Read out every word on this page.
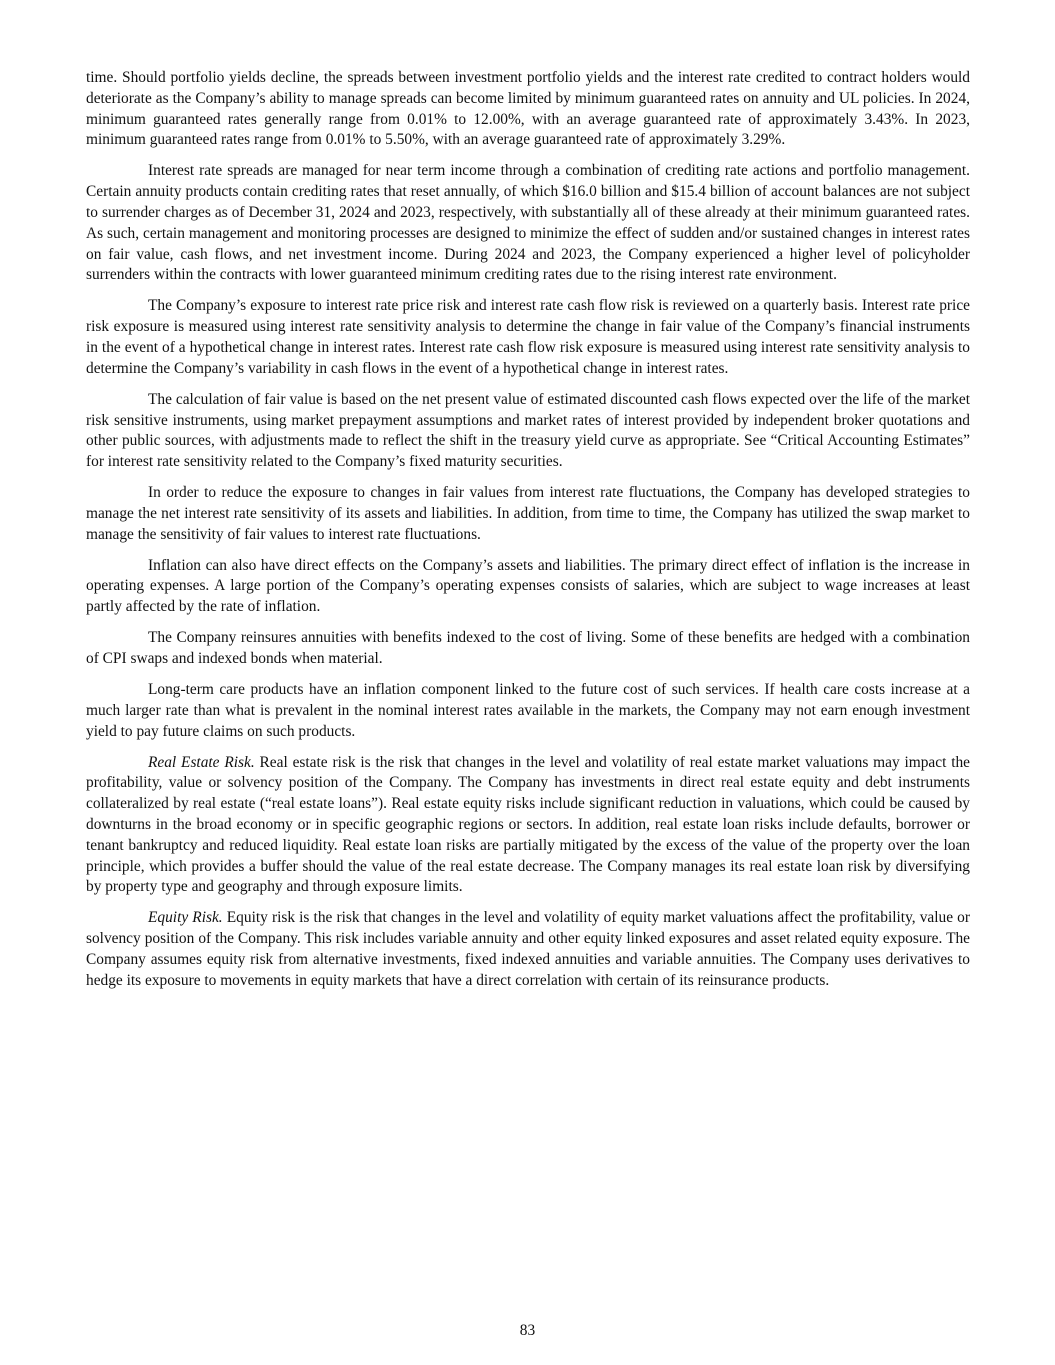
time. Should portfolio yields decline, the spreads between investment portfolio yields and the interest rate credited to contract holders would deteriorate as the Company’s ability to manage spreads can become limited by minimum guaranteed rates on annuity and UL policies. In 2024, minimum guaranteed rates generally range from 0.01% to 12.00%, with an average guaranteed rate of approximately 3.43%. In 2023, minimum guaranteed rates range from 0.01% to 5.50%, with an average guaranteed rate of approximately 3.29%.

Interest rate spreads are managed for near term income through a combination of crediting rate actions and portfolio management. Certain annuity products contain crediting rates that reset annually, of which $16.0 billion and $15.4 billion of account balances are not subject to surrender charges as of December 31, 2024 and 2023, respectively, with substantially all of these already at their minimum guaranteed rates. As such, certain management and monitoring processes are designed to minimize the effect of sudden and/or sustained changes in interest rates on fair value, cash flows, and net investment income. During 2024 and 2023, the Company experienced a higher level of policyholder surrenders within the contracts with lower guaranteed minimum crediting rates due to the rising interest rate environment.

The Company’s exposure to interest rate price risk and interest rate cash flow risk is reviewed on a quarterly basis. Interest rate price risk exposure is measured using interest rate sensitivity analysis to determine the change in fair value of the Company’s financial instruments in the event of a hypothetical change in interest rates. Interest rate cash flow risk exposure is measured using interest rate sensitivity analysis to determine the Company’s variability in cash flows in the event of a hypothetical change in interest rates.

The calculation of fair value is based on the net present value of estimated discounted cash flows expected over the life of the market risk sensitive instruments, using market prepayment assumptions and market rates of interest provided by independent broker quotations and other public sources, with adjustments made to reflect the shift in the treasury yield curve as appropriate. See “Critical Accounting Estimates” for interest rate sensitivity related to the Company’s fixed maturity securities.

In order to reduce the exposure to changes in fair values from interest rate fluctuations, the Company has developed strategies to manage the net interest rate sensitivity of its assets and liabilities. In addition, from time to time, the Company has utilized the swap market to manage the sensitivity of fair values to interest rate fluctuations.

Inflation can also have direct effects on the Company’s assets and liabilities. The primary direct effect of inflation is the increase in operating expenses. A large portion of the Company’s operating expenses consists of salaries, which are subject to wage increases at least partly affected by the rate of inflation.

The Company reinsures annuities with benefits indexed to the cost of living. Some of these benefits are hedged with a combination of CPI swaps and indexed bonds when material.

Long-term care products have an inflation component linked to the future cost of such services. If health care costs increase at a much larger rate than what is prevalent in the nominal interest rates available in the markets, the Company may not earn enough investment yield to pay future claims on such products.

Real Estate Risk. Real estate risk is the risk that changes in the level and volatility of real estate market valuations may impact the profitability, value or solvency position of the Company. The Company has investments in direct real estate equity and debt instruments collateralized by real estate (“real estate loans”). Real estate equity risks include significant reduction in valuations, which could be caused by downturns in the broad economy or in specific geographic regions or sectors. In addition, real estate loan risks include defaults, borrower or tenant bankruptcy and reduced liquidity. Real estate loan risks are partially mitigated by the excess of the value of the property over the loan principle, which provides a buffer should the value of the real estate decrease. The Company manages its real estate loan risk by diversifying by property type and geography and through exposure limits.

Equity Risk. Equity risk is the risk that changes in the level and volatility of equity market valuations affect the profitability, value or solvency position of the Company. This risk includes variable annuity and other equity linked exposures and asset related equity exposure. The Company assumes equity risk from alternative investments, fixed indexed annuities and variable annuities. The Company uses derivatives to hedge its exposure to movements in equity markets that have a direct correlation with certain of its reinsurance products.

83
